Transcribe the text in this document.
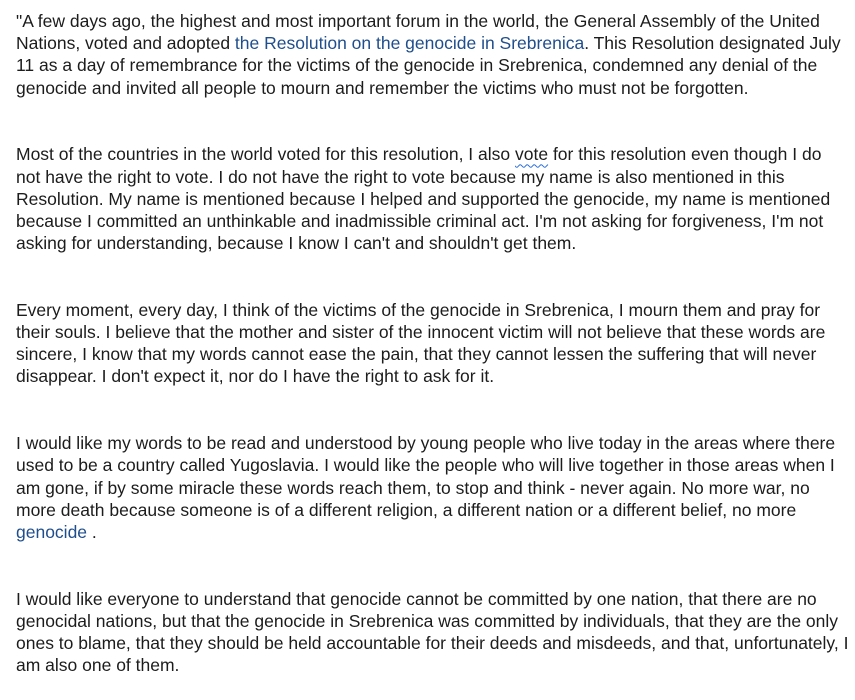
"A few days ago, the highest and most important forum in the world, the General Assembly of the United Nations, voted and adopted the Resolution on the genocide in Srebrenica. This Resolution designated July 11 as a day of remembrance for the victims of the genocide in Srebrenica, condemned any denial of the genocide and invited all people to mourn and remember the victims who must not be forgotten.

Most of the countries in the world voted for this resolution, I also vote for this resolution even though I do not have the right to vote. I do not have the right to vote because my name is also mentioned in this Resolution. My name is mentioned because I helped and supported the genocide, my name is mentioned because I committed an unthinkable and inadmissible criminal act. I'm not asking for forgiveness, I'm not asking for understanding, because I know I can't and shouldn't get them.

Every moment, every day, I think of the victims of the genocide in Srebrenica, I mourn them and pray for their souls. I believe that the mother and sister of the innocent victim will not believe that these words are sincere, I know that my words cannot ease the pain, that they cannot lessen the suffering that will never disappear. I don't expect it, nor do I have the right to ask for it.

I would like my words to be read and understood by young people who live today in the areas where there used to be a country called Yugoslavia. I would like the people who will live together in those areas when I am gone, if by some miracle these words reach them, to stop and think - never again. No more war, no more death because someone is of a different religion, a different nation or a different belief, no more genocide .

I would like everyone to understand that genocide cannot be committed by one nation, that there are no genocidal nations, but that the genocide in Srebrenica was committed by individuals, that they are the only ones to blame, that they should be held accountable for their deeds and misdeeds, and that, unfortunately, I am also one of them.
